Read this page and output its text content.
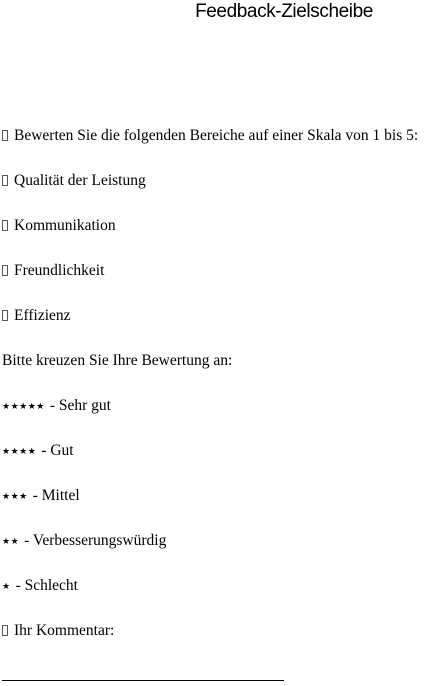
Feedback-Zielscheibe
Bewerten Sie die folgenden Bereiche auf einer Skala von 1 bis 5:
Qualität der Leistung
Kommunikation
Freundlichkeit
Effizienz
Bitte kreuzen Sie Ihre Bewertung an:
★★★★★ - Sehr gut
★★★★ - Gut
★★★ - Mittel
★★ - Verbesserungswürdig
★ - Schlecht
Ihr Kommentar:
